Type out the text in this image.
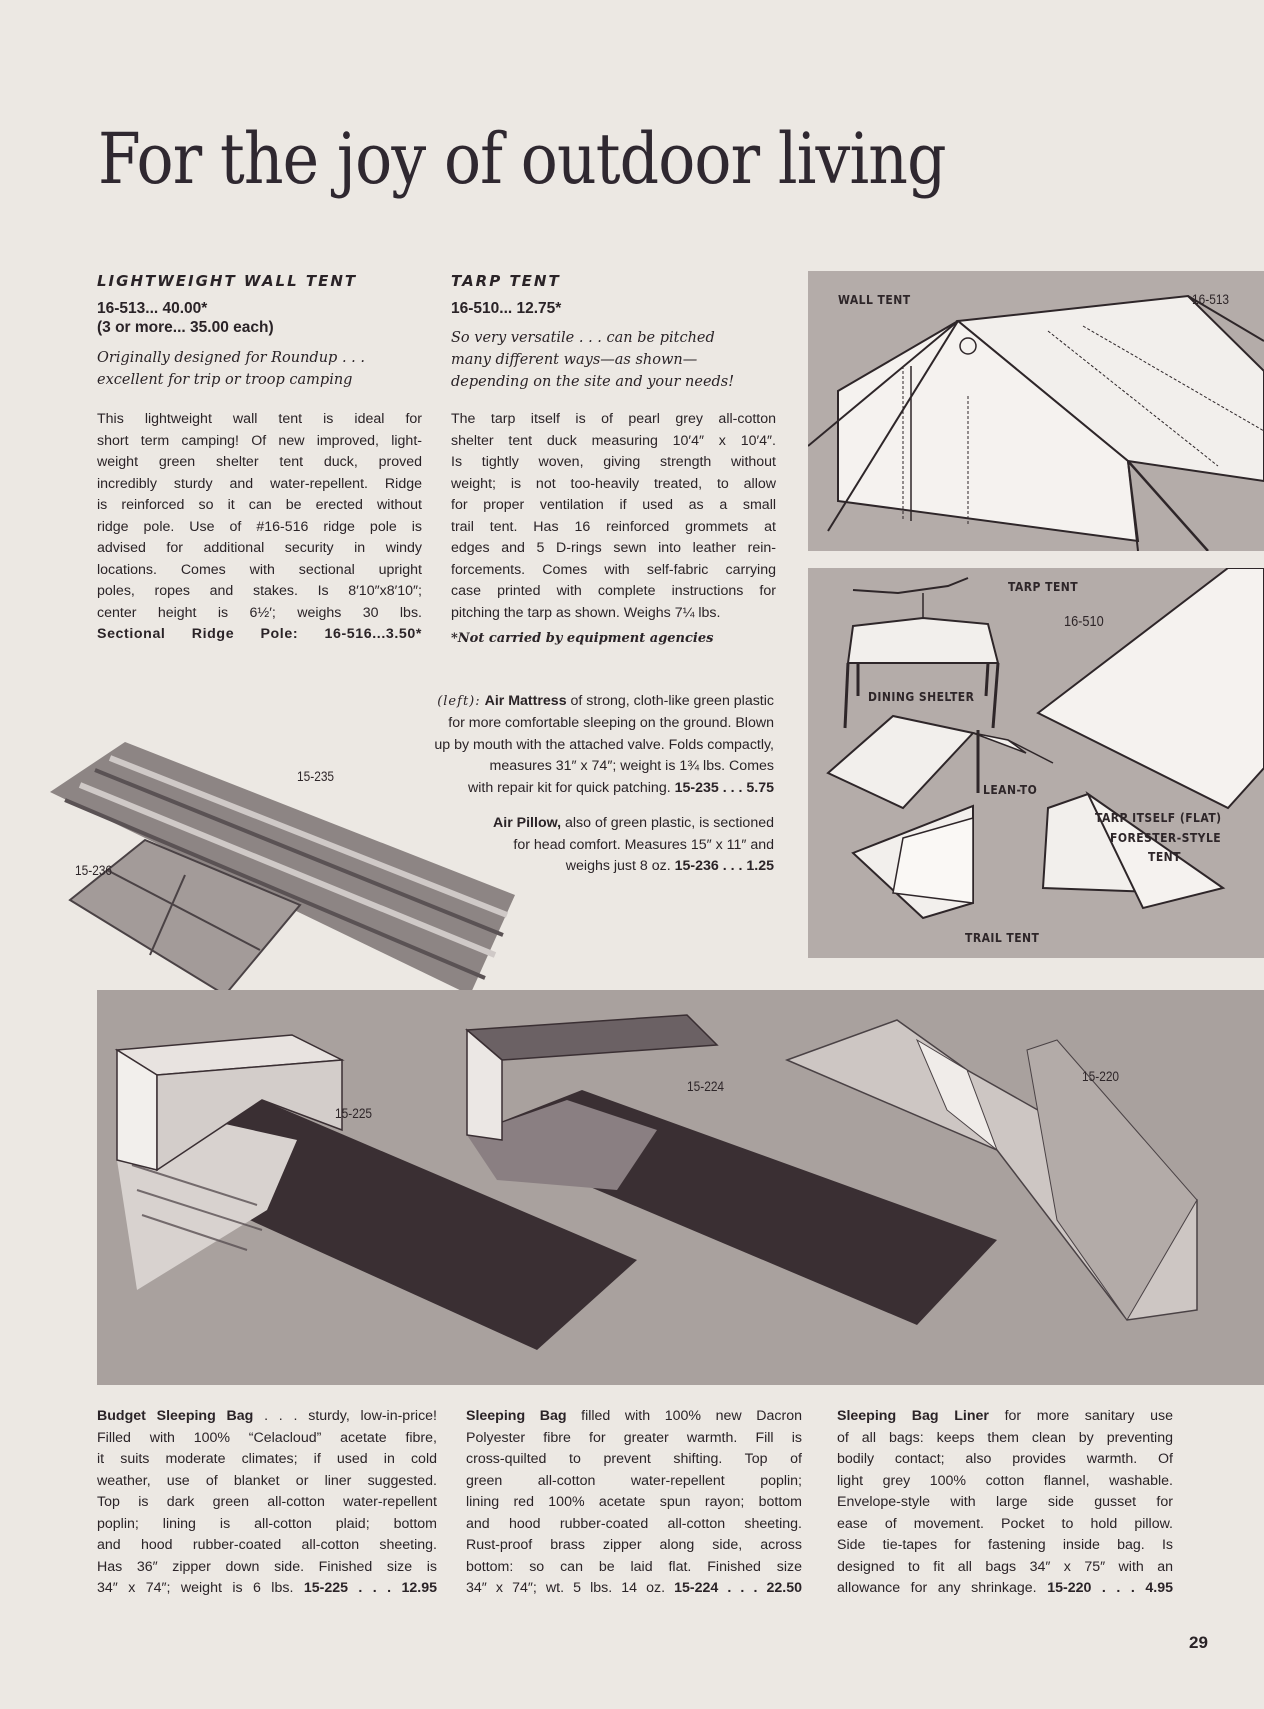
For the joy of outdoor living
LIGHTWEIGHT WALL TENT
16-513... 40.00*
(3 or more... 35.00 each)
Originally designed for Roundup . . .
excellent for trip or troop camping

This lightweight wall tent is ideal for

short term camping! Of new improved, light-

weight green shelter tent duck, proved

incredibly sturdy and water-repellent. Ridge

is reinforced so it can be erected without

ridge pole. Use of #16-516 ridge pole is

advised for additional security in windy

locations. Comes with sectional upright

poles, ropes and stakes. Is 8′10″x8′10″;

center height is 6½′; weighs 30 lbs.

Sectional Ridge Pole: 16-516...3.50*

TARP TENT
16-510... 12.75*
So very versatile . . . can be pitched
many different ways—as shown—
depending on the site and your needs!

The tarp itself is of pearl grey all-cotton

shelter tent duck measuring 10′4″ x 10′4″.

Is tightly woven, giving strength without

weight; is not too-heavily treated, to allow

for proper ventilation if used as a small

trail tent. Has 16 reinforced grommets at

edges and 5 D-rings sewn into leather rein-

forcements. Comes with self-fabric carrying

case printed with complete instructions for

pitching the tarp as shown. Weighs 7¼ lbs.

*Not carried by equipment agencies
WALL TENT	16-513
TARP TENT
16-510
DINING SHELTER
LEAN-TO
TARP ITSELF (FLAT)
FORESTER-STYLE
TENT
TRAIL TENT
15-235
15-236
(left): Air Mattress of strong, cloth-like green plastic
for more comfortable sleeping on the ground. Blown
up by mouth with the attached valve. Folds compactly,
measures 31″ x 74″; weight is 1¾ lbs. Comes
with repair kit for quick patching. 15-235 . . . 5.75
Air Pillow, also of green plastic, is sectioned
for head comfort. Measures 15″ x 11″ and
weighs just 8 oz. 15-236 . . . 1.25
15-225
15-224
15-220

Budget Sleeping Bag . . . sturdy, low-in-price!

Filled with 100% “Celacloud” acetate fibre,

it suits moderate climates; if used in cold

weather, use of blanket or liner suggested.

Top is dark green all-cotton water-repellent

poplin; lining is all-cotton plaid; bottom

and hood rubber-coated all-cotton sheeting.

Has 36″ zipper down side. Finished size is

34″ x 74″; weight is 6 lbs. 15-225 . . . 12.95

Sleeping Bag filled with 100% new Dacron

Polyester fibre for greater warmth. Fill is

cross-quilted to prevent shifting. Top of

green all-cotton water-repellent poplin;

lining red 100% acetate spun rayon; bottom

and hood rubber-coated all-cotton sheeting.

Rust-proof brass zipper along side, across

bottom: so can be laid flat. Finished size

34″ x 74″; wt. 5 lbs. 14 oz. 15-224 . . . 22.50

Sleeping Bag Liner for more sanitary use

of all bags: keeps them clean by preventing

bodily contact; also provides warmth. Of

light grey 100% cotton flannel, washable.

Envelope-style with large side gusset for

ease of movement. Pocket to hold pillow.

Side tie-tapes for fastening inside bag. Is

designed to fit all bags 34″ x 75″ with an

allowance for any shrinkage. 15-220 . . . 4.95

29
